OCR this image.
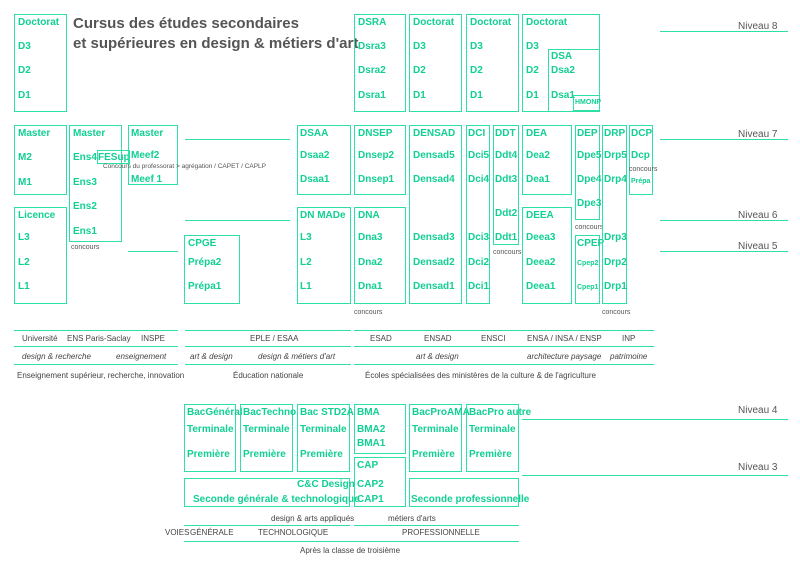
Cursus des études secondaires
et supérieures en design & métiers d'art
Niveau 8
Niveau 7
Niveau 6
Niveau 5
Niveau 4
Niveau 3
Doctorat
D3
D2
D1
Master
M2
M1
Licence
L3
L2
L1
Master
Ens4 FESup
Ens3
Ens2
Ens1
concours
Master
Meef2
Meef 1
Concours du professorat > agrégation / CAPET / CAPLP
CPGE
Prépa2
Prépa1
DSAA
Dsaa2
Dsaa1
DN MADe
L3
L2
L1
DSRA
Dsra3
Dsra2
Dsra1
DNSEP
Dnsep2
Dnsep1
DNA
Dna3
Dna2
Dna1
concours
Doctorat
D3
D2
D1
DENSAD
Densad5
Densad4
Densad3
Densad2
Densad1
Doctorat
D3
D2
D1
DCI
Dci5
Dci4
Dci3
Dci2
Dci1
DDT
Ddt4
Ddt3
Ddt2
Ddt1
concours
Doctorat
D3
D2
D1
DSA
Dsa2
Dsa1
HMONP
DEA
Dea2
Dea1
DEEA
Deea3
Deea2
Deea1
DEP
Dpe5
Dpe4
Dpe3
concours
CPEP
Cpep2
Cpep1
DRP
Drp5
Drp4
Drp3
Drp2
Drp1
concours
DCP
Dcp
concours
Prépa
Université ENS Paris-Saclay INSPE	EPLE / ESAA	ESAD	ENSAD	ENSCI	ENSA / INSA / ENSP	INP
design & recherche	enseignement	art & design	design & métiers d'art	art & design	architecture paysage patrimoine
Enseignement supérieur, recherche, innovation	Éducation nationale	Écoles spécialisées des ministères de la culture & de l'agriculture
BacGénéral
Terminale
Première
BacTechno
Terminale
Première
Bac STD2A
Terminale
Première
BMA
BMA2
BMA1
CAP
CAP2
CAP1
BacProAMA
Terminale
Première
BacPro autre
Terminale
Première
C&C Design
Seconde générale & technologique	Seconde professionnelle
design & arts appliqués	métiers d'arts
VOIES GÉNÉRALE	TECHNOLOGIQUE	PROFESSIONNELLE
Après la classe de troisième
